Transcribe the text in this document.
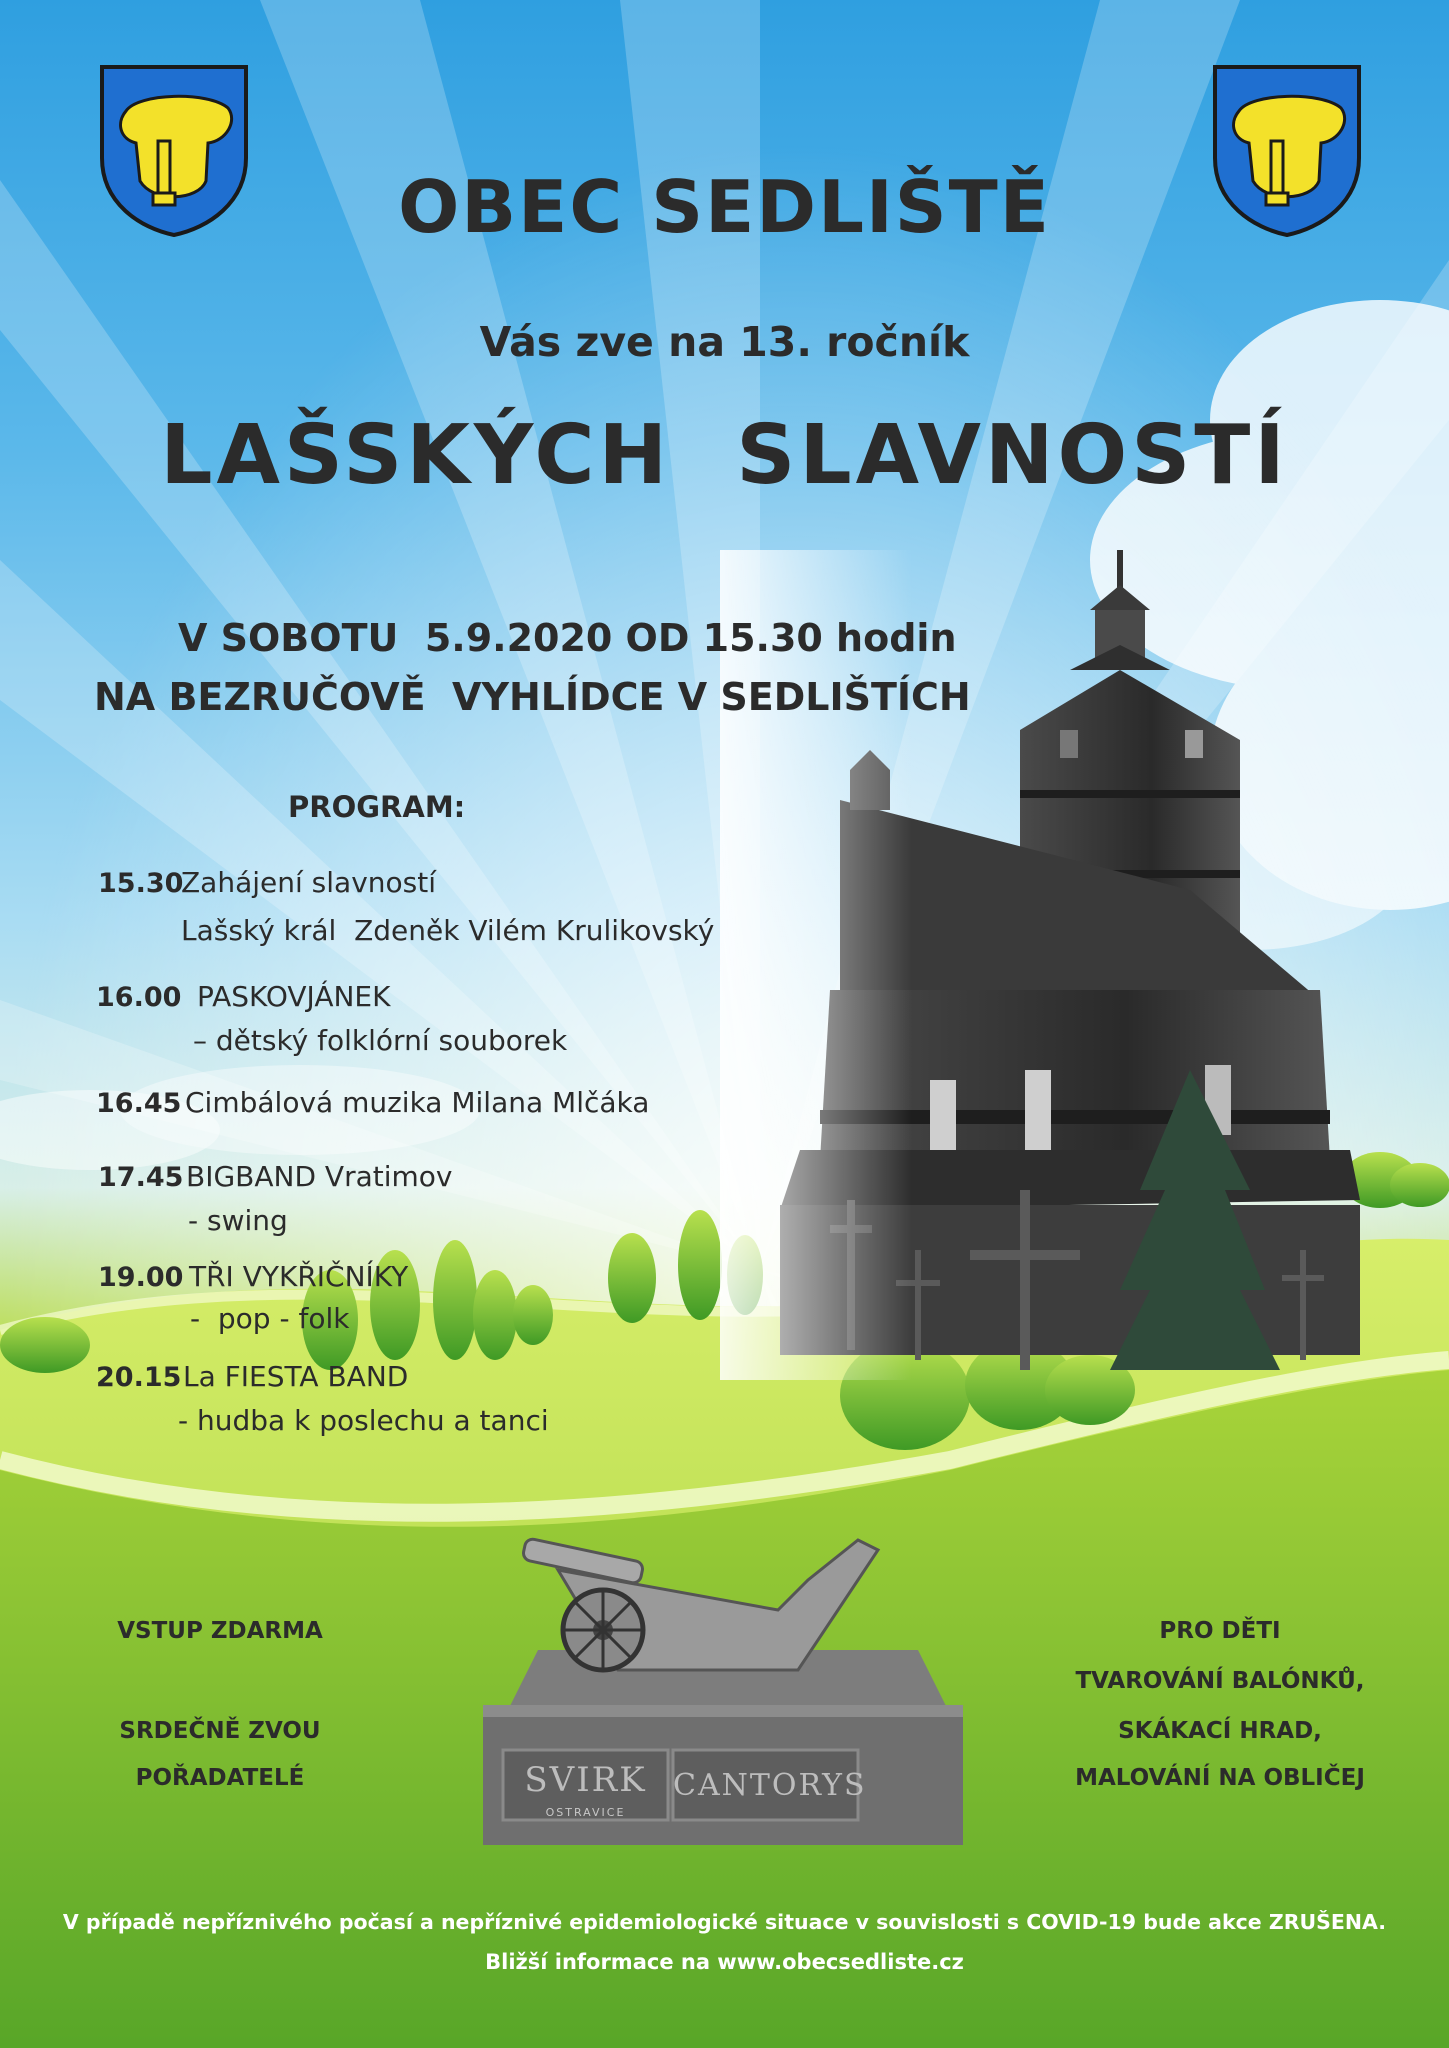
SVIRK
OSTRAVICE
CANTORYS
OBEC SEDLIŠTĚ
Vás zve na 13. ročník
LAŠSKÝCH  SLAVNOSTÍ
V SOBOTU  5.9.2020 OD 15.30 hodin
NA BEZRUČOVĚ  VYHLÍDCE V SEDLIŠTÍCH
PROGRAM:
15.30
Zahájení slavností
Lašský král  Zdeněk Vilém Krulikovský
16.00 PASKOVJÁNEK
– dětský folklórní souborek
16.45 Cimbálová muzika Milana Mlčáka
17.45 BIGBAND Vratimov
- swing
19.00 TŘI VYKŘIČNÍKY
-  pop - folk
20.15 La FIESTA BAND
- hudba k poslechu a tanci
VSTUP ZDARMA
SRDEČNĚ ZVOU
POŘADATELÉ
PRO DĚTI
TVAROVÁNÍ BALÓNKŮ,
SKÁKACÍ HRAD,
MALOVÁNÍ NA OBLIČEJ
V případě nepříznivého počasí a nepříznivé epidemiologické situace v souvislosti s COVID-19 bude akce ZRUŠENA.
Bližší informace na www.obecsedliste.cz
